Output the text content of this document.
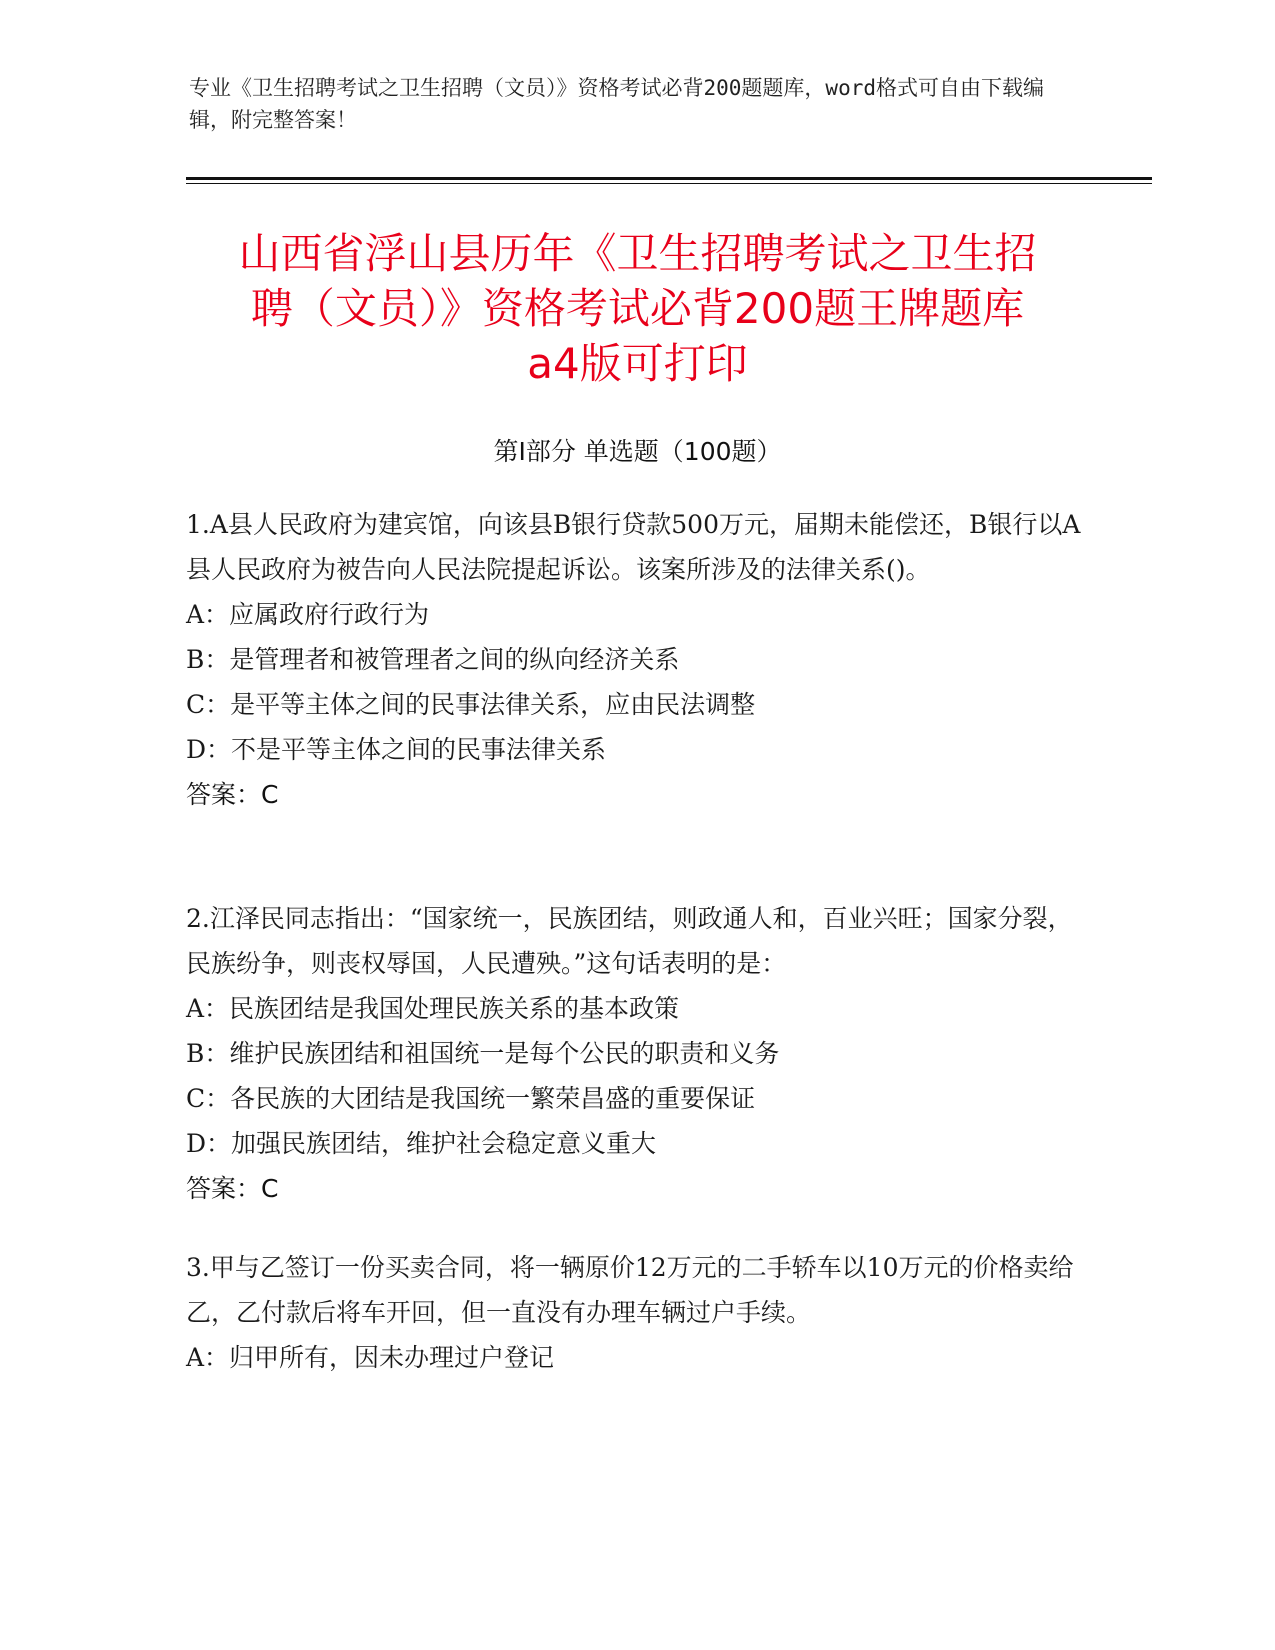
专业《卫生招聘考试之卫生招聘（文员）》资格考试必背200题题库，word格式可自由下载编辑，附完整答案！
山西省浮山县历年《卫生招聘考试之卫生招
聘（文员）》资格考试必背200题王牌题库
a4版可打印
第Ⅰ部分 单选题（100题）
1.A县人民政府为建宾馆，向该县B银行贷款500万元，届期未能偿还，B银行以A县人民政府为被告向人民法院提起诉讼。该案所涉及的法律关系()。
A：应属政府行政行为
B：是管理者和被管理者之间的纵向经济关系
C：是平等主体之间的民事法律关系，应由民法调整
D：不是平等主体之间的民事法律关系
答案：C
2.江泽民同志指出：“国家统一，民族团结，则政通人和，百业兴旺；国家分裂，民族纷争，则丧权辱国，人民遭殃。”这句话表明的是：
A：民族团结是我国处理民族关系的基本政策
B：维护民族团结和祖国统一是每个公民的职责和义务
C：各民族的大团结是我国统一繁荣昌盛的重要保证
D：加强民族团结，维护社会稳定意义重大
答案：C
3.甲与乙签订一份买卖合同，将一辆原价12万元的二手轿车以10万元的价格卖给乙，乙付款后将车开回，但一直没有办理车辆过户手续。
A：归甲所有，因未办理过户登记
